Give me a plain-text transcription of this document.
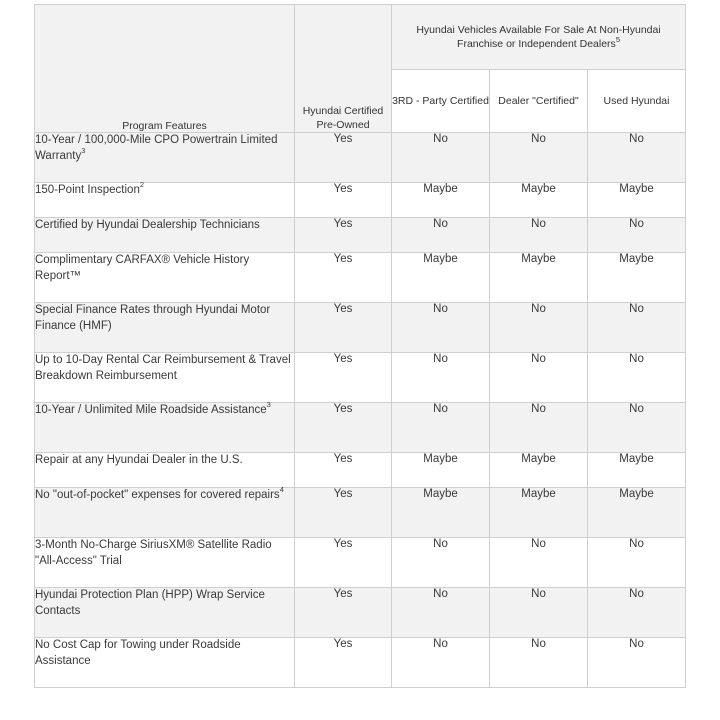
Program Features	Hyundai Certified Pre-Owned	Hyundai Vehicles Available For Sale At Non-Hyundai Franchise or Independent Dealers$^5$
		3RD - Party Certified	Dealer "Certified"	Used Hyundai
10-Year / 100,000-Mile CPO Powertrain Limited Warranty$^3$	Yes	No	No	No
150-Point Inspection$^2$	Yes	Maybe	Maybe	Maybe
Certified by Hyundai Dealership Technicians	Yes	No	No	No
Complimentary CARFAX® Vehicle History Report™	Yes	Maybe	Maybe	Maybe
Special Finance Rates through Hyundai Motor Finance (HMF)	Yes	No	No	No
Up to 10-Day Rental Car Reimbursement & Travel Breakdown Reimbursement	Yes	No	No	No
10-Year / Unlimited Mile Roadside Assistance$^3$	Yes	No	No	No
Repair at any Hyundai Dealer in the U.S.	Yes	Maybe	Maybe	Maybe
No "out-of-pocket" expenses for covered repairs$^4$	Yes	Maybe	Maybe	Maybe
3-Month No-Charge SiriusXM® Satellite Radio "All-Access" Trial	Yes	No	No	No
Hyundai Protection Plan (HPP) Wrap Service Contacts	Yes	No	No	No
No Cost Cap for Towing under Roadside Assistance	Yes	No	No	No
